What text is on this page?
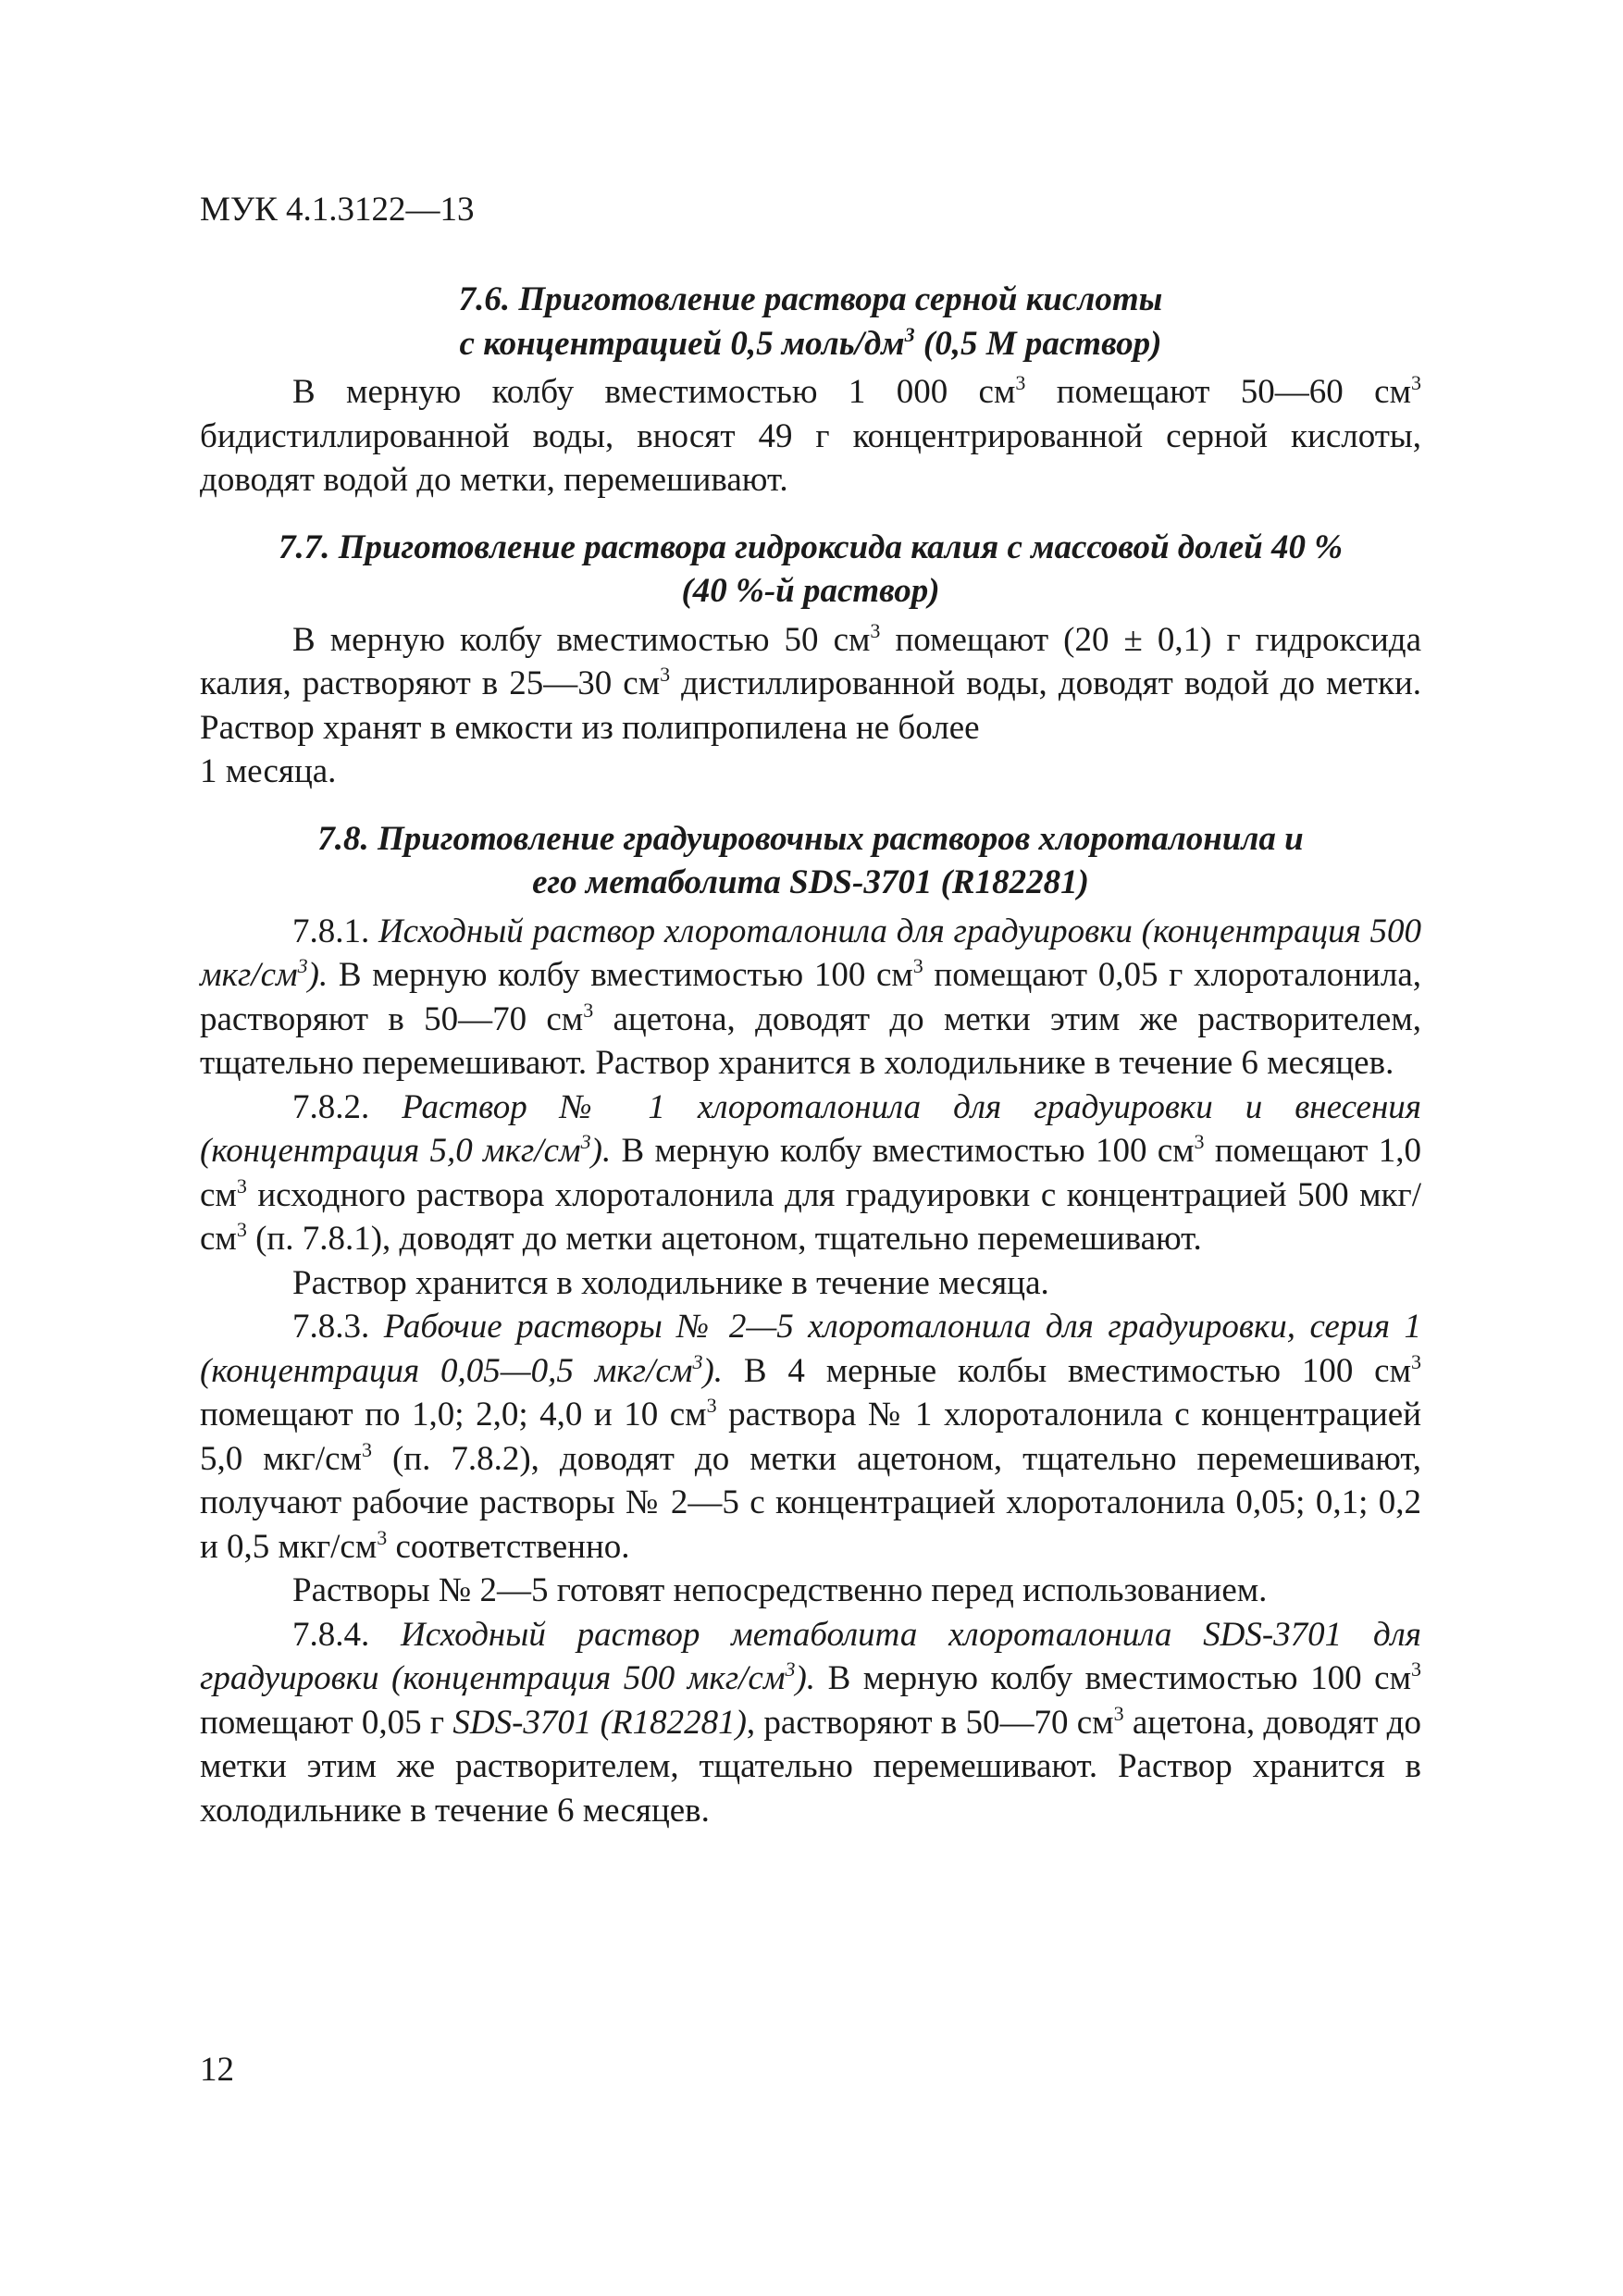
МУК 4.1.3122—13

7.6. Приготовление раствора серной кислоты
с концентрацией 0,5 моль/$дм^3$ (0,5 М раствор)

В мерную колбу вместимостью 1 000 $см^3$ помещают 50—60 $см^3$ бидистиллированной воды, вносят 49 г концентрированной серной кислоты, доводят водой до метки, перемешивают.

7.7. Приготовление раствора гидроксида калия с массовой долей 40 %
(40 %-й раствор)

В мерную колбу вместимостью 50 $см^3$ помещают (20 ± 0,1) г гидроксида калия, растворяют в 25—30 $см^3$ дистиллированной воды, доводят водой до метки. Раствор хранят в емкости из полипропилена не более

1 месяца.

7.8. Приготовление градуировочных растворов хлороталонила и
его метаболита SDS-3701 (R182281)

7.8.1. Исходный раствор хлороталонила для градуировки (концентрация 500 мкг/$см^3$). В мерную колбу вместимостью 100 $см^3$ помещают 0,05 г хлороталонила, растворяют в 50—70 $см^3$ ацетона, доводят до метки этим же растворителем, тщательно перемешивают. Раствор хранится в холодильнике в течение 6 месяцев.

7.8.2. Раствор № 1 хлороталонила для градуировки и внесения (концентрация 5,0 мкг/$см^3$). В мерную колбу вместимостью 100 $см^3$ помещают 1,0 $см^3$ исходного раствора хлороталонила для градуировки с концентрацией 500 мкг/$см^3$ (п. 7.8.1), доводят до метки ацетоном, тщательно перемешивают.

Раствор хранится в холодильнике в течение месяца.

7.8.3. Рабочие растворы № 2—5 хлороталонила для градуировки, серия 1 (концентрация 0,05—0,5 мкг/$см^3$). В 4 мерные колбы вместимостью 100 $см^3$ помещают по 1,0; 2,0; 4,0 и 10 $см^3$ раствора № 1 хлороталонила с концентрацией 5,0 мкг/$см^3$ (п. 7.8.2), доводят до метки ацетоном, тщательно перемешивают, получают рабочие растворы № 2—5 с концентрацией хлороталонила 0,05; 0,1; 0,2 и 0,5 мкг/$см^3$ соответственно.

Растворы № 2—5 готовят непосредственно перед использованием.

7.8.4. Исходный раствор метаболита хлороталонила SDS-3701 для градуировки (концентрация 500 мкг/$см^3$). В мерную колбу вместимостью 100 $см^3$ помещают 0,05 г SDS-3701 (R182281), растворяют в 50—70 $см^3$ ацетона, доводят до метки этим же растворителем, тщательно перемешивают. Раствор хранится в холодильнике в течение 6 месяцев.

12
